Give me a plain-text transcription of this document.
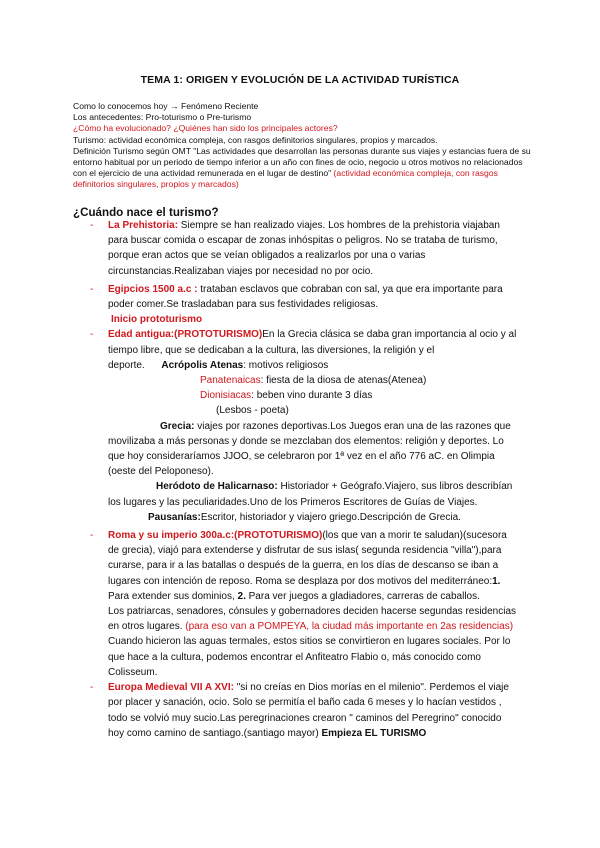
TEMA 1: ORIGEN Y EVOLUCIÓN DE LA ACTIVIDAD TURÍSTICA

Como lo conocemos hoy → Fenómeno Reciente

Los antecedentes: Pro-toturismo o Pre-turismo

¿Cómo ha evolucionado? ¿Quiénes han sido los principales actores?

Turismo: actividad económica compleja, con rasgos definitorios singulares, propios y marcados.

Definición Turismo según OMT "Las actividades que desarrollan las personas durante sus viajes y estancias fuera de su entorno habitual por un periodo de tiempo inferior a un año con fines de ocio, negocio u otros motivos no relacionados con el ejercicio de una actividad remunerada en el lugar de destino" (actividad económica compleja, con rasgos definitorios singulares, propios y marcados)

¿Cuándo nace el turismo?

- La Prehistoria: Siempre se han realizado viajes. Los hombres de la prehistoria viajaban para buscar comida o escapar de zonas inhóspitas o peligros. No se trataba de turismo, porque eran actos que se veían obligados a realizarlos por una o varias circunstancias.Realizaban viajes por necesidad no por ocio.

- Egipcios 1500 a.c : trataban esclavos que cobraban con sal, ya que era importante para poder comer.Se trasladaban para sus festividades religiosas.

Inicio prototurismo

- Edad antigua:(PROTOTURISMO)En la Grecia clásica se daba gran importancia al ocio y al tiempo libre, que se dedicaban a la cultura, las diversiones, la religión y el deporte. Acrópolis Atenas: motivos religiosos

Panatenaicas: fiesta de la diosa de atenas(Atenea)

Dionisiacas: beben vino durante 3 días

(Lesbos - poeta)

Grecia: viajes por razones deportivas.Los Juegos eran una de las razones que movilizaba a más personas y donde se mezclaban dos elementos: religión y deportes. Lo que hoy consideraríamos JJOO, se celebraron por 1ª vez en el año 776 aC. en Olimpia (oeste del Peloponeso).

Heródoto de Halicarnaso: Historiador + Geógrafo.Viajero, sus libros describían los lugares y las peculiaridades.Uno de los Primeros Escritores de Guías de Viajes.

Pausanías:Escritor, historiador y viajero griego.Descripción de Grecia.

- Roma y su imperio 300a.c:(PROTOTURISMO)(los que van a morir te saludan)(sucesora de grecia), viajó para extenderse y disfrutar de sus islas( segunda residencia "villa"),para curarse, para ir a las batallas o después de la guerra, en los días de descanso se iban a lugares con intención de reposo. Roma se desplaza por dos motivos del mediterráneo:1. Para extender sus dominios, 2. Para ver juegos a gladiadores, carreras de caballos.

Los patriarcas, senadores, cónsules y gobernadores deciden hacerse segundas residencias en otros lugares. (para eso van a POMPEYA, la ciudad más importante en 2as residencias) Cuando hicieron las aguas termales, estos sitios se convirtieron en lugares sociales. Por lo que hace a la cultura, podemos encontrar el Anfiteatro Flabio o, más conocido como Colisseum.

- Europa Medieval VII A XVI: "si no creías en Dios morías en el milenio". Perdemos el viaje por placer y sanación, ocio. Solo se permitía el baño cada 6 meses y lo hacían vestidos , todo se volvió muy sucio.Las peregrinaciones crearon " caminos del Peregrino" conocido hoy como camino de santiago.(santiago mayor) Empieza EL TURISMO
